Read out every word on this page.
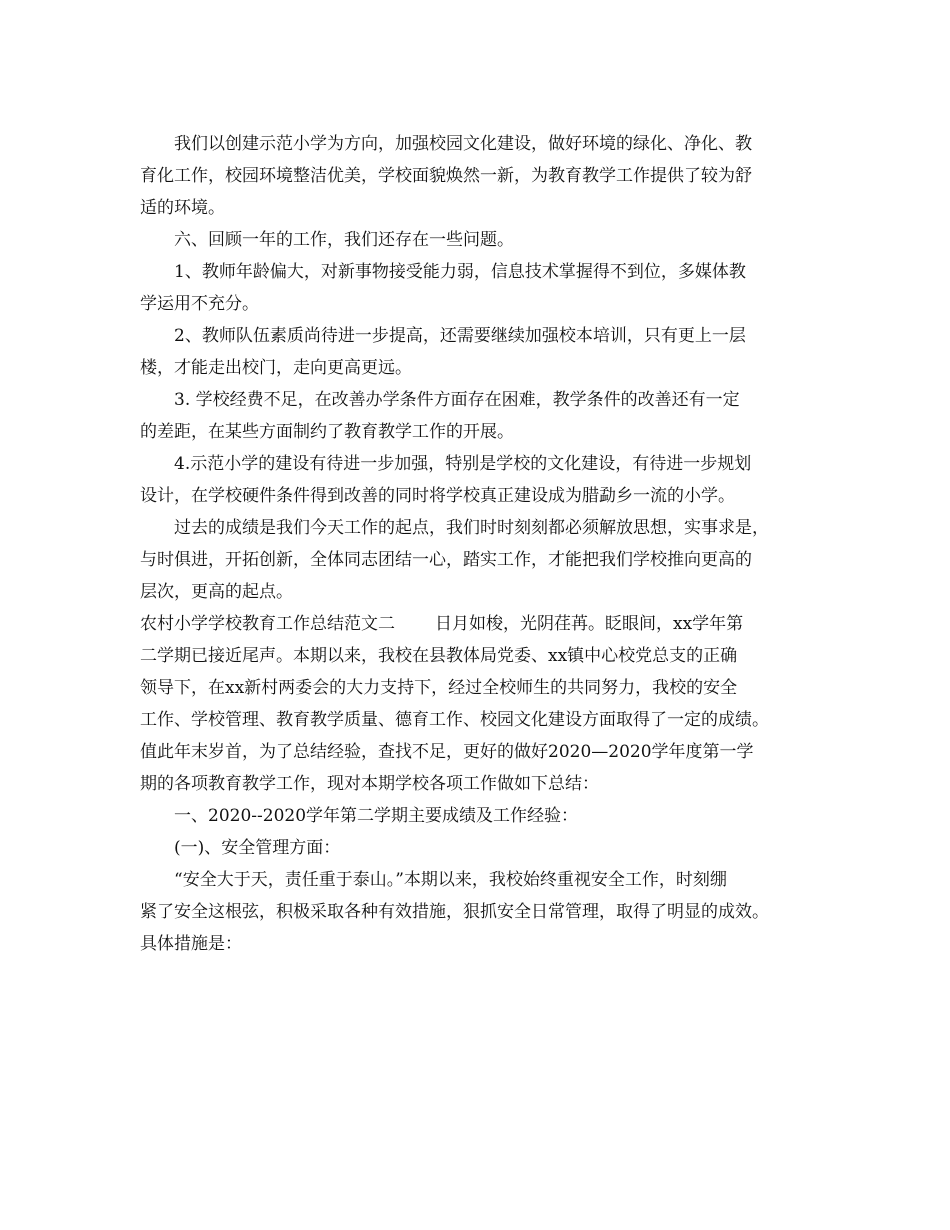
我们以创建示范小学为方向，加强校园文化建设，做好环境的绿化、净化、教
育化工作，校园环境整洁优美，学校面貌焕然一新，为教育教学工作提供了较为舒
适的环境。
六、回顾一年的工作，我们还存在一些问题。
1、教师年龄偏大，对新事物接受能力弱，信息技术掌握得不到位，多媒体教
学运用不充分。
2、教师队伍素质尚待进一步提高，还需要继续加强校本培训，只有更上一层
楼，才能走出校门，走向更高更远。
3. 学校经费不足，在改善办学条件方面存在困难，教学条件的改善还有一定
的差距，在某些方面制约了教育教学工作的开展。
4.示范小学的建设有待进一步加强，特别是学校的文化建设，有待进一步规划
设计，在学校硬件条件得到改善的同时将学校真正建设成为腊勐乡一流的小学。
过去的成绩是我们今天工作的起点，我们时时刻刻都必须解放思想，实事求是，
与时俱进，开拓创新，全体同志团结一心，踏实工作，才能把我们学校推向更高的
层次，更高的起点。
农村小学学校教育工作总结范文二 日月如梭，光阴荏苒。眨眼间，xx学年第
二学期已接近尾声。本期以来，我校在县教体局党委、xx镇中心校党总支的正确
领导下，在xx新村两委会的大力支持下，经过全校师生的共同努力，我校的安全
工作、学校管理、教育教学质量、德育工作、校园文化建设方面取得了一定的成绩。
值此年末岁首，为了总结经验，查找不足，更好的做好2020—2020学年度第一学
期的各项教育教学工作，现对本期学校各项工作做如下总结：
一、2020--2020学年第二学期主要成绩及工作经验：
(一)、安全管理方面：
“安全大于天，责任重于泰山。”本期以来，我校始终重视安全工作，时刻绷
紧了安全这根弦，积极采取各种有效措施，狠抓安全日常管理，取得了明显的成效。
具体措施是：
